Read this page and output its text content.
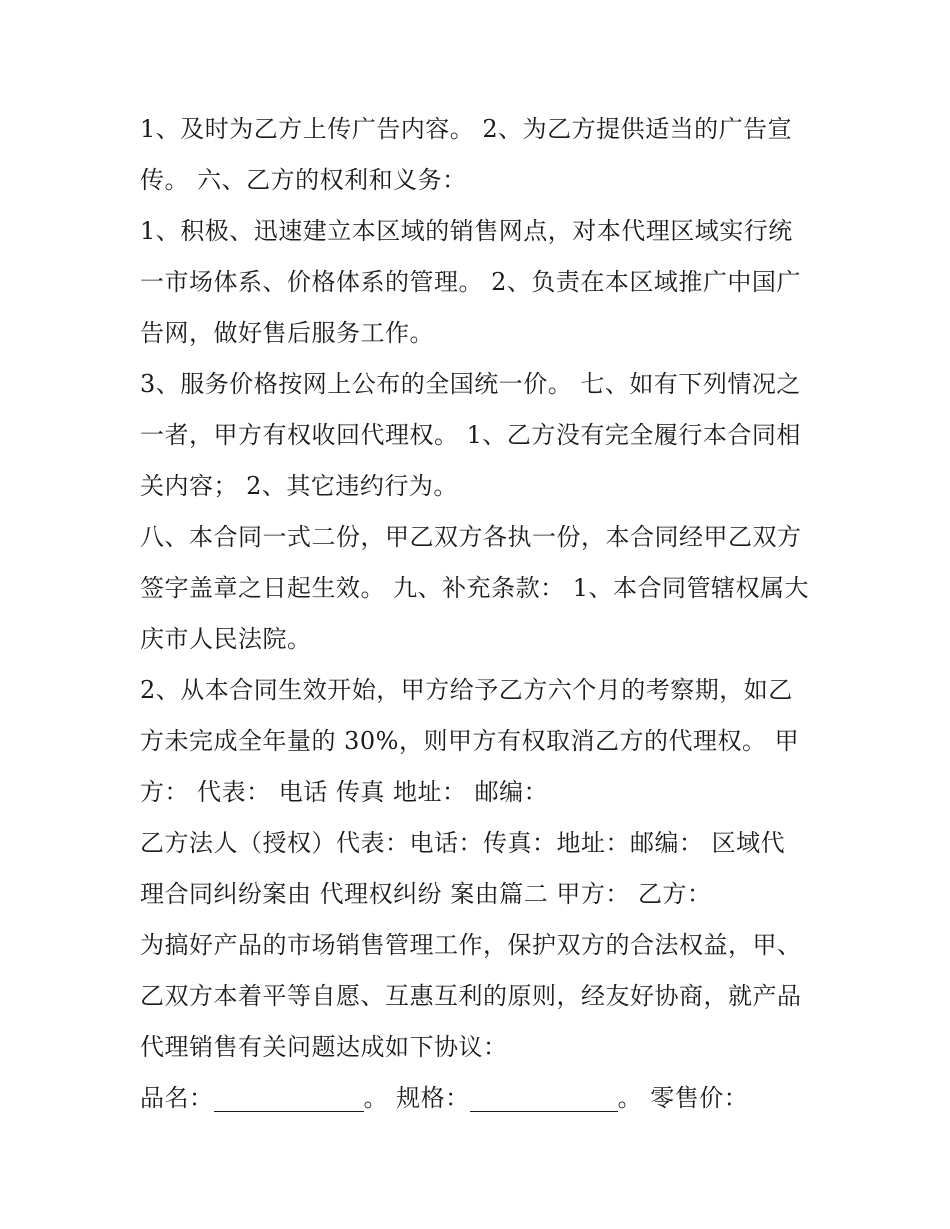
1、及时为乙方上传广告内容。 2、为乙方提供适当的广告宣
传。 六、乙方的权利和义务：
1、积极、迅速建立本区域的销售网点，对本代理区域实行统
一市场体系、价格体系的管理。 2、负责在本区域推广中国广
告网，做好售后服务工作。
3、服务价格按网上公布的全国统一价。 七、如有下列情况之
一者，甲方有权收回代理权。 1、乙方没有完全履行本合同相
关内容； 2、其它违约行为。
八、本合同一式二份，甲乙双方各执一份，本合同经甲乙双方
签字盖章之日起生效。 九、补充条款： 1、本合同管辖权属大
庆市人民法院。
2、从本合同生效开始，甲方给予乙方六个月的考察期，如乙
方未完成全年量的 30%，则甲方有权取消乙方的代理权。 甲
方： 代表： 电话 传真 地址： 邮编：
乙方法人（授权）代表：电话：传真：地址：邮编： 区域代
理合同纠纷案由 代理权纠纷 案由篇二 甲方： 乙方：
为搞好产品的市场销售管理工作，保护双方的合法权益，甲、
乙双方本着平等自愿、互惠互利的原则，经友好协商，就产品
代理销售有关问题达成如下协议：
品名：	。 规格：	。 零售价：
